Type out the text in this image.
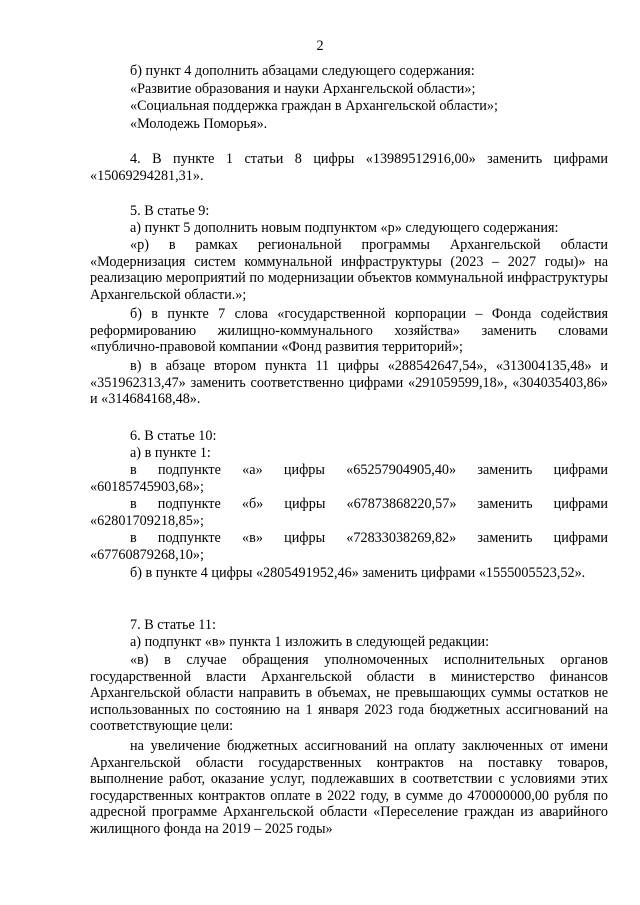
2

б) пункт 4 дополнить абзацами следующего содержания:

«Развитие образования и науки Архангельской области»;

«Социальная поддержка граждан в Архангельской области»;

«Молодежь Поморья».

4. В пункте 1 статьи 8 цифры «13989512916,00» заменить цифрами «15069294281,31».

5. В статье 9:

а) пункт 5 дополнить новым подпунктом «р» следующего содержания:

«р) в рамках региональной программы Архангельской области «Модернизация систем коммунальной инфраструктуры (2023 – 2027 годы)» на реализацию мероприятий по модернизации объектов коммунальной инфраструктуры Архангельской области.»;

б) в пункте 7 слова «государственной корпорации – Фонда содействия реформированию жилищно-коммунального хозяйства» заменить словами «публично-правовой компании «Фонд развития территорий»;

в) в абзаце втором пункта 11 цифры «288542647,54», «313004135,48» и «351962313,47» заменить соответственно цифрами «291059599,18», «304035403,86» и «314684168,48».

6. В статье 10:

а) в пункте 1:

в подпункте «а» цифры «65257904905,40» заменить цифрами «60185745903,68»;

в подпункте «б» цифры «67873868220,57» заменить цифрами «62801709218,85»;

в подпункте «в» цифры «72833038269,82» заменить цифрами «67760879268,10»;

б) в пункте 4 цифры «2805491952,46» заменить цифрами «1555005523,52».

7. В статье 11:

а) подпункт «в» пункта 1 изложить в следующей редакции:

«в) в случае обращения уполномоченных исполнительных органов государственной власти Архангельской области в министерство финансов Архангельской области направить в объемах, не превышающих суммы остатков не использованных по состоянию на 1 января 2023 года бюджетных ассигнований на соответствующие цели:

на увеличение бюджетных ассигнований на оплату заключенных от имени Архангельской области государственных контрактов на поставку товаров, выполнение работ, оказание услуг, подлежавших в соответствии с условиями этих государственных контрактов оплате в 2022 году, в сумме до 470000000,00 рубля по адресной программе Архангельской области «Переселение граждан из аварийного жилищного фонда на 2019 – 2025 годы»
